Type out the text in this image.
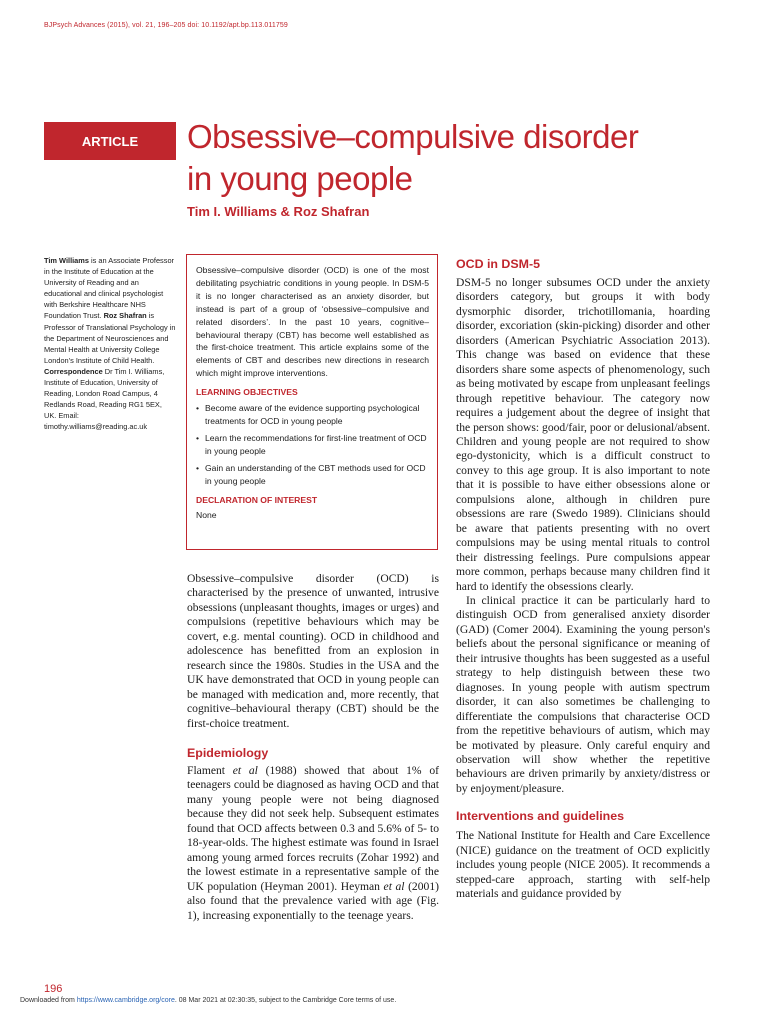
BJPsych Advances (2015), vol. 21, 196–205 doi: 10.1192/apt.bp.113.011759
ARTICLE	Obsessive–compulsive disorder
in young people
Tim I. Williams & Roz Shafran
Tim Williams is an Associate Professor in the Institute of Education at the University of Reading and an educational and clinical psychologist with Berkshire Healthcare NHS Foundation Trust. Roz Shafran is Professor of Translational Psychology in the Department of Neurosciences and Mental Health at University College London's Institute of Child Health. Correspondence Dr Tim I. Williams, Institute of Education, University of Reading, London Road Campus, 4 Redlands Road, Reading RG1 5EX, UK. Email: timothy.williams@reading.ac.uk

Obsessive–compulsive disorder (OCD) is one of the most debilitating psychiatric conditions in young people. In DSM-5 it is no longer characterised as an anxiety disorder, but instead is part of a group of ‘obsessive–compulsive and related disorders’. In the past 10 years, cognitive–behavioural therapy (CBT) has become well established as the first-choice treatment. This article explains some of the elements of CBT and describes new directions in research which might improve interventions.

LEARNING OBJECTIVES
• Become aware of the evidence supporting psychological treatments for OCD in young people
• Learn the recommendations for first-line treatment of OCD in young people
• Gain an understanding of the CBT methods used for OCD in young people
DECLARATION OF INTEREST
None

Obsessive–compulsive disorder (OCD) is characterised by the presence of unwanted, intrusive obsessions (unpleasant thoughts, images or urges) and compulsions (repetitive behaviours which may be covert, e.g. mental counting). OCD in childhood and adolescence has benefitted from an explosion in research since the 1980s. Studies in the USA and the UK have demonstrated that OCD in young people can be managed with medication and, more recently, that cognitive–behavioural therapy (CBT) should be the first-choice treatment.

Epidemiology

Flament et al (1988) showed that about 1% of teenagers could be diagnosed as having OCD and that many young people were not being diagnosed because they did not seek help. Subsequent estimates found that OCD affects between 0.3 and 5.6% of 5- to 18-year-olds. The highest estimate was found in Israel among young armed forces recruits (Zohar 1992) and the lowest estimate in a representative sample of the UK population (Heyman 2001). Heyman et al (2001) also found that the prevalence varied with age (Fig. 1), increasing exponentially to the teenage years.

OCD in DSM-5

DSM-5 no longer subsumes OCD under the anxiety disorders category, but groups it with body dysmorphic disorder, trichotillomania, hoarding disorder, excoriation (skin-picking) disorder and other disorders (American Psychiatric Association 2013). This change was based on evidence that these disorders share some aspects of phenomenology, such as being motivated by escape from unpleasant feelings through repetitive behaviour. The category now requires a judgement about the degree of insight that the person shows: good/fair, poor or delusional/absent. Children and young people are not required to show ego-dystonicity, which is a difficult construct to convey to this age group. It is also important to note that it is possible to have either obsessions alone or compulsions alone, although in children pure obsessions are rare (Swedo 1989). Clinicians should be aware that patients presenting with no overt compulsions may be using mental rituals to control their distressing feelings. Pure compulsions appear more common, perhaps because many children find it hard to identify the obsessions clearly.

In clinical practice it can be particularly hard to distinguish OCD from generalised anxiety disorder (GAD) (Comer 2004). Examining the young person's beliefs about the personal significance or meaning of their intrusive thoughts has been suggested as a useful strategy to help distinguish between these two diagnoses. In young people with autism spectrum disorder, it can also sometimes be challenging to differentiate the compulsions that characterise OCD from the repetitive behaviours of autism, which may be motivated by pleasure. Only careful enquiry and observation will show whether the repetitive behaviours are driven primarily by anxiety/distress or by enjoyment/pleasure.

Interventions and guidelines

The National Institute for Health and Care Excellence (NICE) guidance on the treatment of OCD explicitly includes young people (NICE 2005). It recommends a stepped-care approach, starting with self-help materials and guidance provided by

196
Downloaded from https://www.cambridge.org/core. 08 Mar 2021 at 02:30:35, subject to the Cambridge Core terms of use.
